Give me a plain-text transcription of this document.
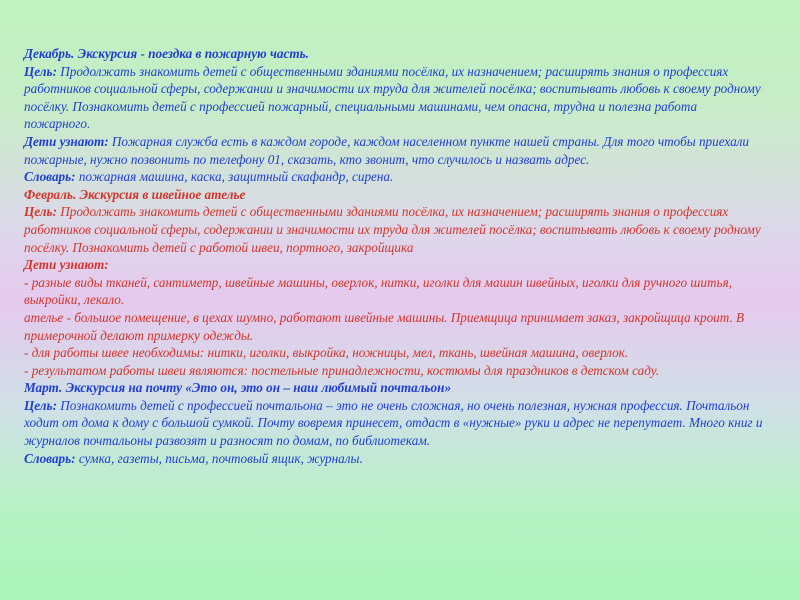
Декабрь. Экскурсия - поездка в пожарную часть.

Цель: Продолжать знакомить детей с общественными зданиями посёлка, их назначением; расширять знания о профессиях работников социальной сферы, содержании и значимости их труда для жителей посёлка; воспитывать любовь к своему родному посёлку. Познакомить детей с профессией пожарный, специальными машинами, чем опасна, трудна и полезна работа пожарного.

Дети узнают: Пожарная служба есть в каждом городе, каждом населенном пункте нашей страны. Для того чтобы приехали пожарные, нужно позвонить по телефону 01, сказать, кто звонит, что случилось и назвать адрес.

Словарь: пожарная машина, каска, защитный скафандр, сирена.

Февраль. Экскурсия в швейное ателье

Цель: Продолжать знакомить детей с общественными зданиями посёлка, их назначением; расширять знания о профессиях работников социальной сферы, содержании и значимости их труда для жителей посёлка; воспитывать любовь к своему родному посёлку. Познакомить детей с работой швеи, портного, закройщика

Дети узнают:

- разные виды тканей, сантиметр, швейные машины, оверлок, нитки, иголки для машин швейных, иголки для ручного шитья, выкройки, лекало.

ателье - большое помещение, в цехах шумно, работают швейные машины. Приемщица принимает заказ, закройщица кроит. В примерочной делают примерку одежды.

- для работы швее необходимы: нитки, иголки, выкройка, ножницы, мел, ткань, швейная машина, оверлок.

- результатом работы швеи являются: постельные принадлежности, костюмы для праздников в детском саду.

Март. Экскурсия на почту «Это он, это он – наш любимый почтальон»

Цель: Познакомить детей с профессией почтальона – это не очень сложная, но очень полезная, нужная профессия. Почтальон ходит от дома к дому с большой сумкой. Почту вовремя принесет, отдаст в «нужные» руки и адрес не перепутает. Много книг и журналов почтальоны развозят и разносят по домам, по библиотекам.

Словарь: сумка, газеты, письма, почтовый ящик, журналы.
